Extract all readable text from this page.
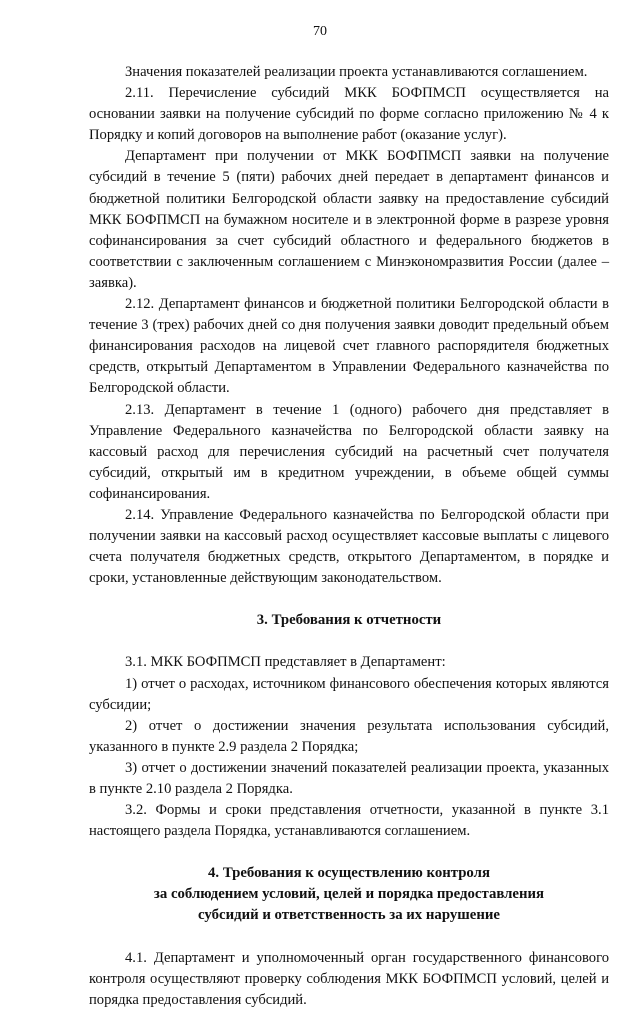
70

Значения показателей реализации проекта устанавливаются соглашением.

2.11. Перечисление субсидий МКК БОФПМСП осуществляется на основании заявки на получение субсидий по форме согласно приложению № 4 к Порядку и копий договоров на выполнение работ (оказание услуг).

Департамент при получении от МКК БОФПМСП заявки на получение субсидий в течение 5 (пяти) рабочих дней передает в департамент финансов и бюджетной политики Белгородской области заявку на предоставление субсидий МКК БОФПМСП на бумажном носителе и в электронной форме в разрезе уровня софинансирования за счет субсидий областного и федерального бюджетов в соответствии с заключенным соглашением с Минэкономразвития России (далее – заявка).

2.12. Департамент финансов и бюджетной политики Белгородской области в течение 3 (трех) рабочих дней со дня получения заявки доводит предельный объем финансирования расходов на лицевой счет главного распорядителя бюджетных средств, открытый Департаментом в Управлении Федерального казначейства по Белгородской области.

2.13. Департамент в течение 1 (одного) рабочего дня представляет в Управление Федерального казначейства по Белгородской области заявку на кассовый расход для перечисления субсидий на расчетный счет получателя субсидий, открытый им в кредитном учреждении, в объеме общей суммы софинансирования.

2.14. Управление Федерального казначейства по Белгородской области при получении заявки на кассовый расход осуществляет кассовые выплаты с лицевого счета получателя бюджетных средств, открытого Департаментом, в порядке и сроки, установленные действующим законодательством.

3. Требования к отчетности

3.1. МКК БОФПМСП представляет в Департамент:

1) отчет о расходах, источником финансового обеспечения которых являются субсидии;

2) отчет о достижении значения результата использования субсидий, указанного в пункте 2.9 раздела 2 Порядка;

3) отчет о достижении значений показателей реализации проекта, указанных в пункте 2.10 раздела 2 Порядка.

3.2. Формы и сроки представления отчетности, указанной в пункте 3.1 настоящего раздела Порядка, устанавливаются соглашением.

4. Требования к осуществлению контроля
за соблюдением условий, целей и порядка предоставления
субсидий и ответственность за их нарушение

4.1. Департамент и уполномоченный орган государственного финансового контроля осуществляют проверку соблюдения МКК БОФПМСП условий, целей и порядка предоставления субсидий.
